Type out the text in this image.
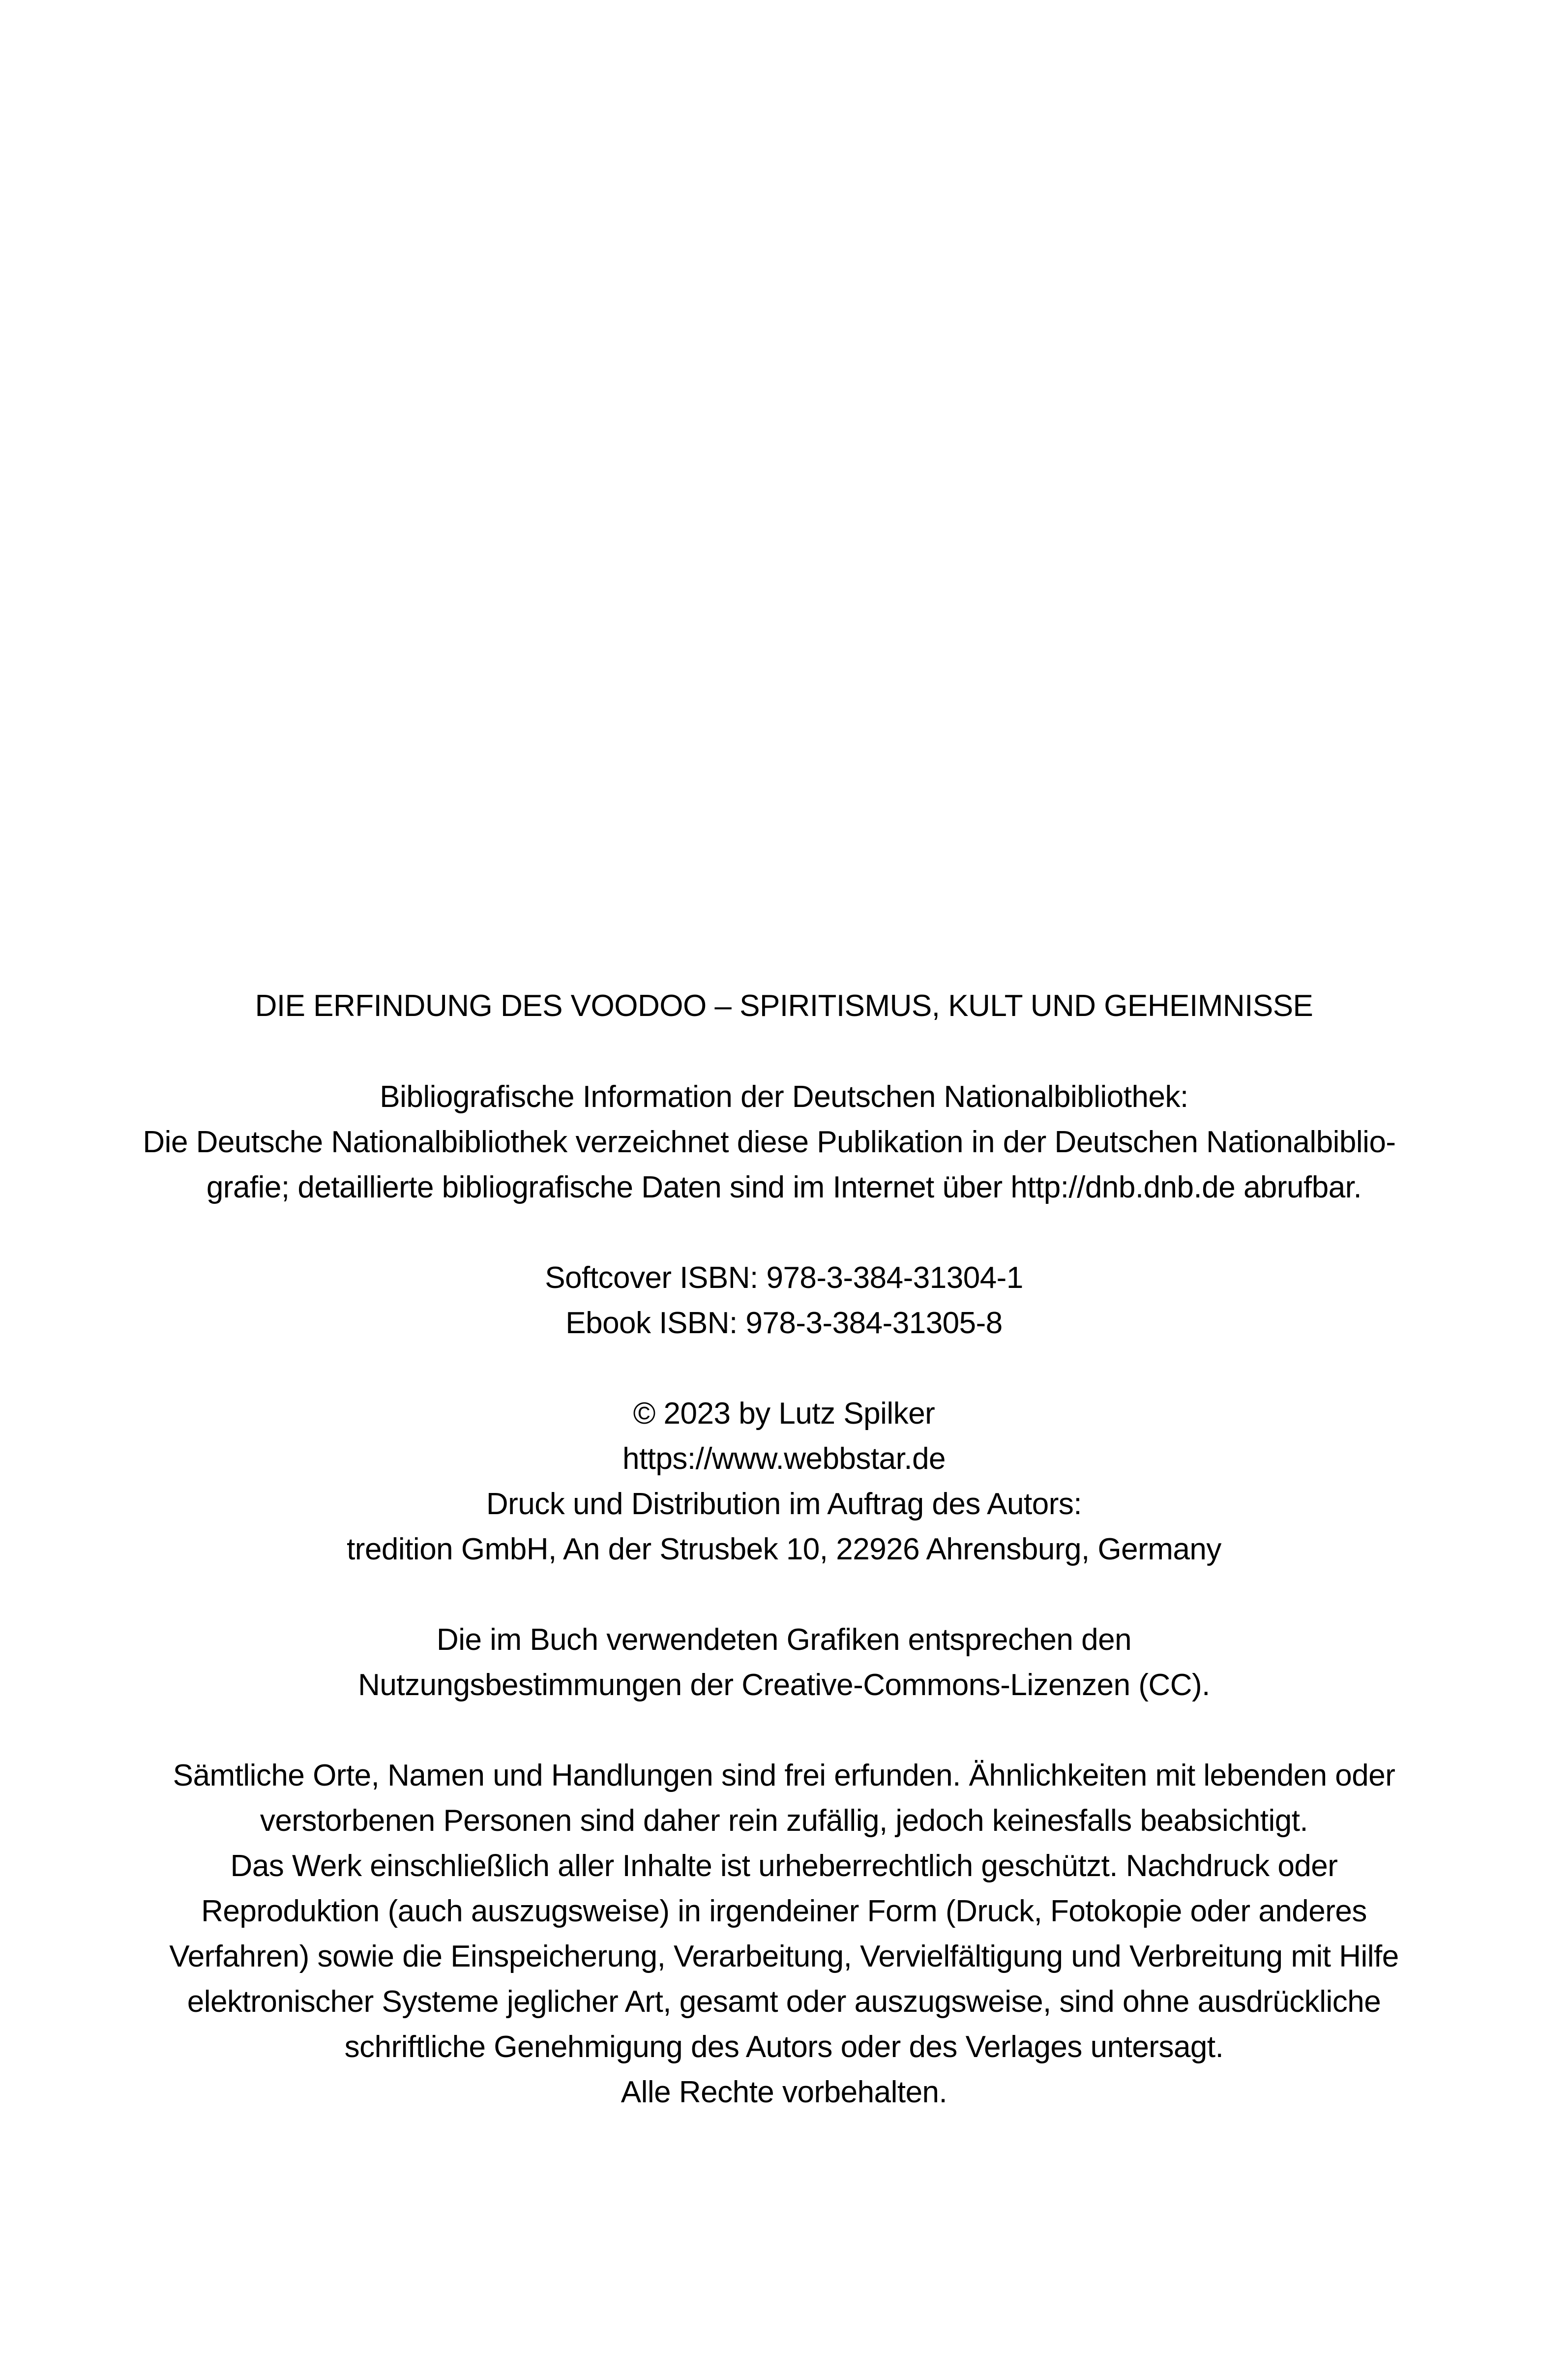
DIE ERFINDUNG DES VOODOO – SPIRITISMUS, KULT UND GEHEIMNISSE
Bibliografische Information der Deutschen Nationalbibliothek:
Die Deutsche Nationalbibliothek verzeichnet diese Publikation in der Deutschen Nationalbiblio-
grafie; detaillierte bibliografische Daten sind im Internet über http://dnb.dnb.de abrufbar.
Softcover ISBN: 978-3-384-31304-1
Ebook ISBN: 978-3-384-31305-8
© 2023 by Lutz Spilker
https://www.webbstar.de
Druck und Distribution im Auftrag des Autors:
tredition GmbH, An der Strusbek 10, 22926 Ahrensburg, Germany
Die im Buch verwendeten Grafiken entsprechen den
Nutzungsbestimmungen der Creative-Commons-Lizenzen (CC).
Sämtliche Orte, Namen und Handlungen sind frei erfunden. Ähnlichkeiten mit lebenden oder
verstorbenen Personen sind daher rein zufällig, jedoch keinesfalls beabsichtigt.
Das Werk einschließlich aller Inhalte ist urheberrechtlich geschützt. Nachdruck oder
Reproduktion (auch auszugsweise) in irgendeiner Form (Druck, Fotokopie oder anderes
Verfahren) sowie die Einspeicherung, Verarbeitung, Vervielfältigung und Verbreitung mit Hilfe
elektronischer Systeme jeglicher Art, gesamt oder auszugsweise, sind ohne ausdrückliche
schriftliche Genehmigung des Autors oder des Verlages untersagt.
Alle Rechte vorbehalten.
